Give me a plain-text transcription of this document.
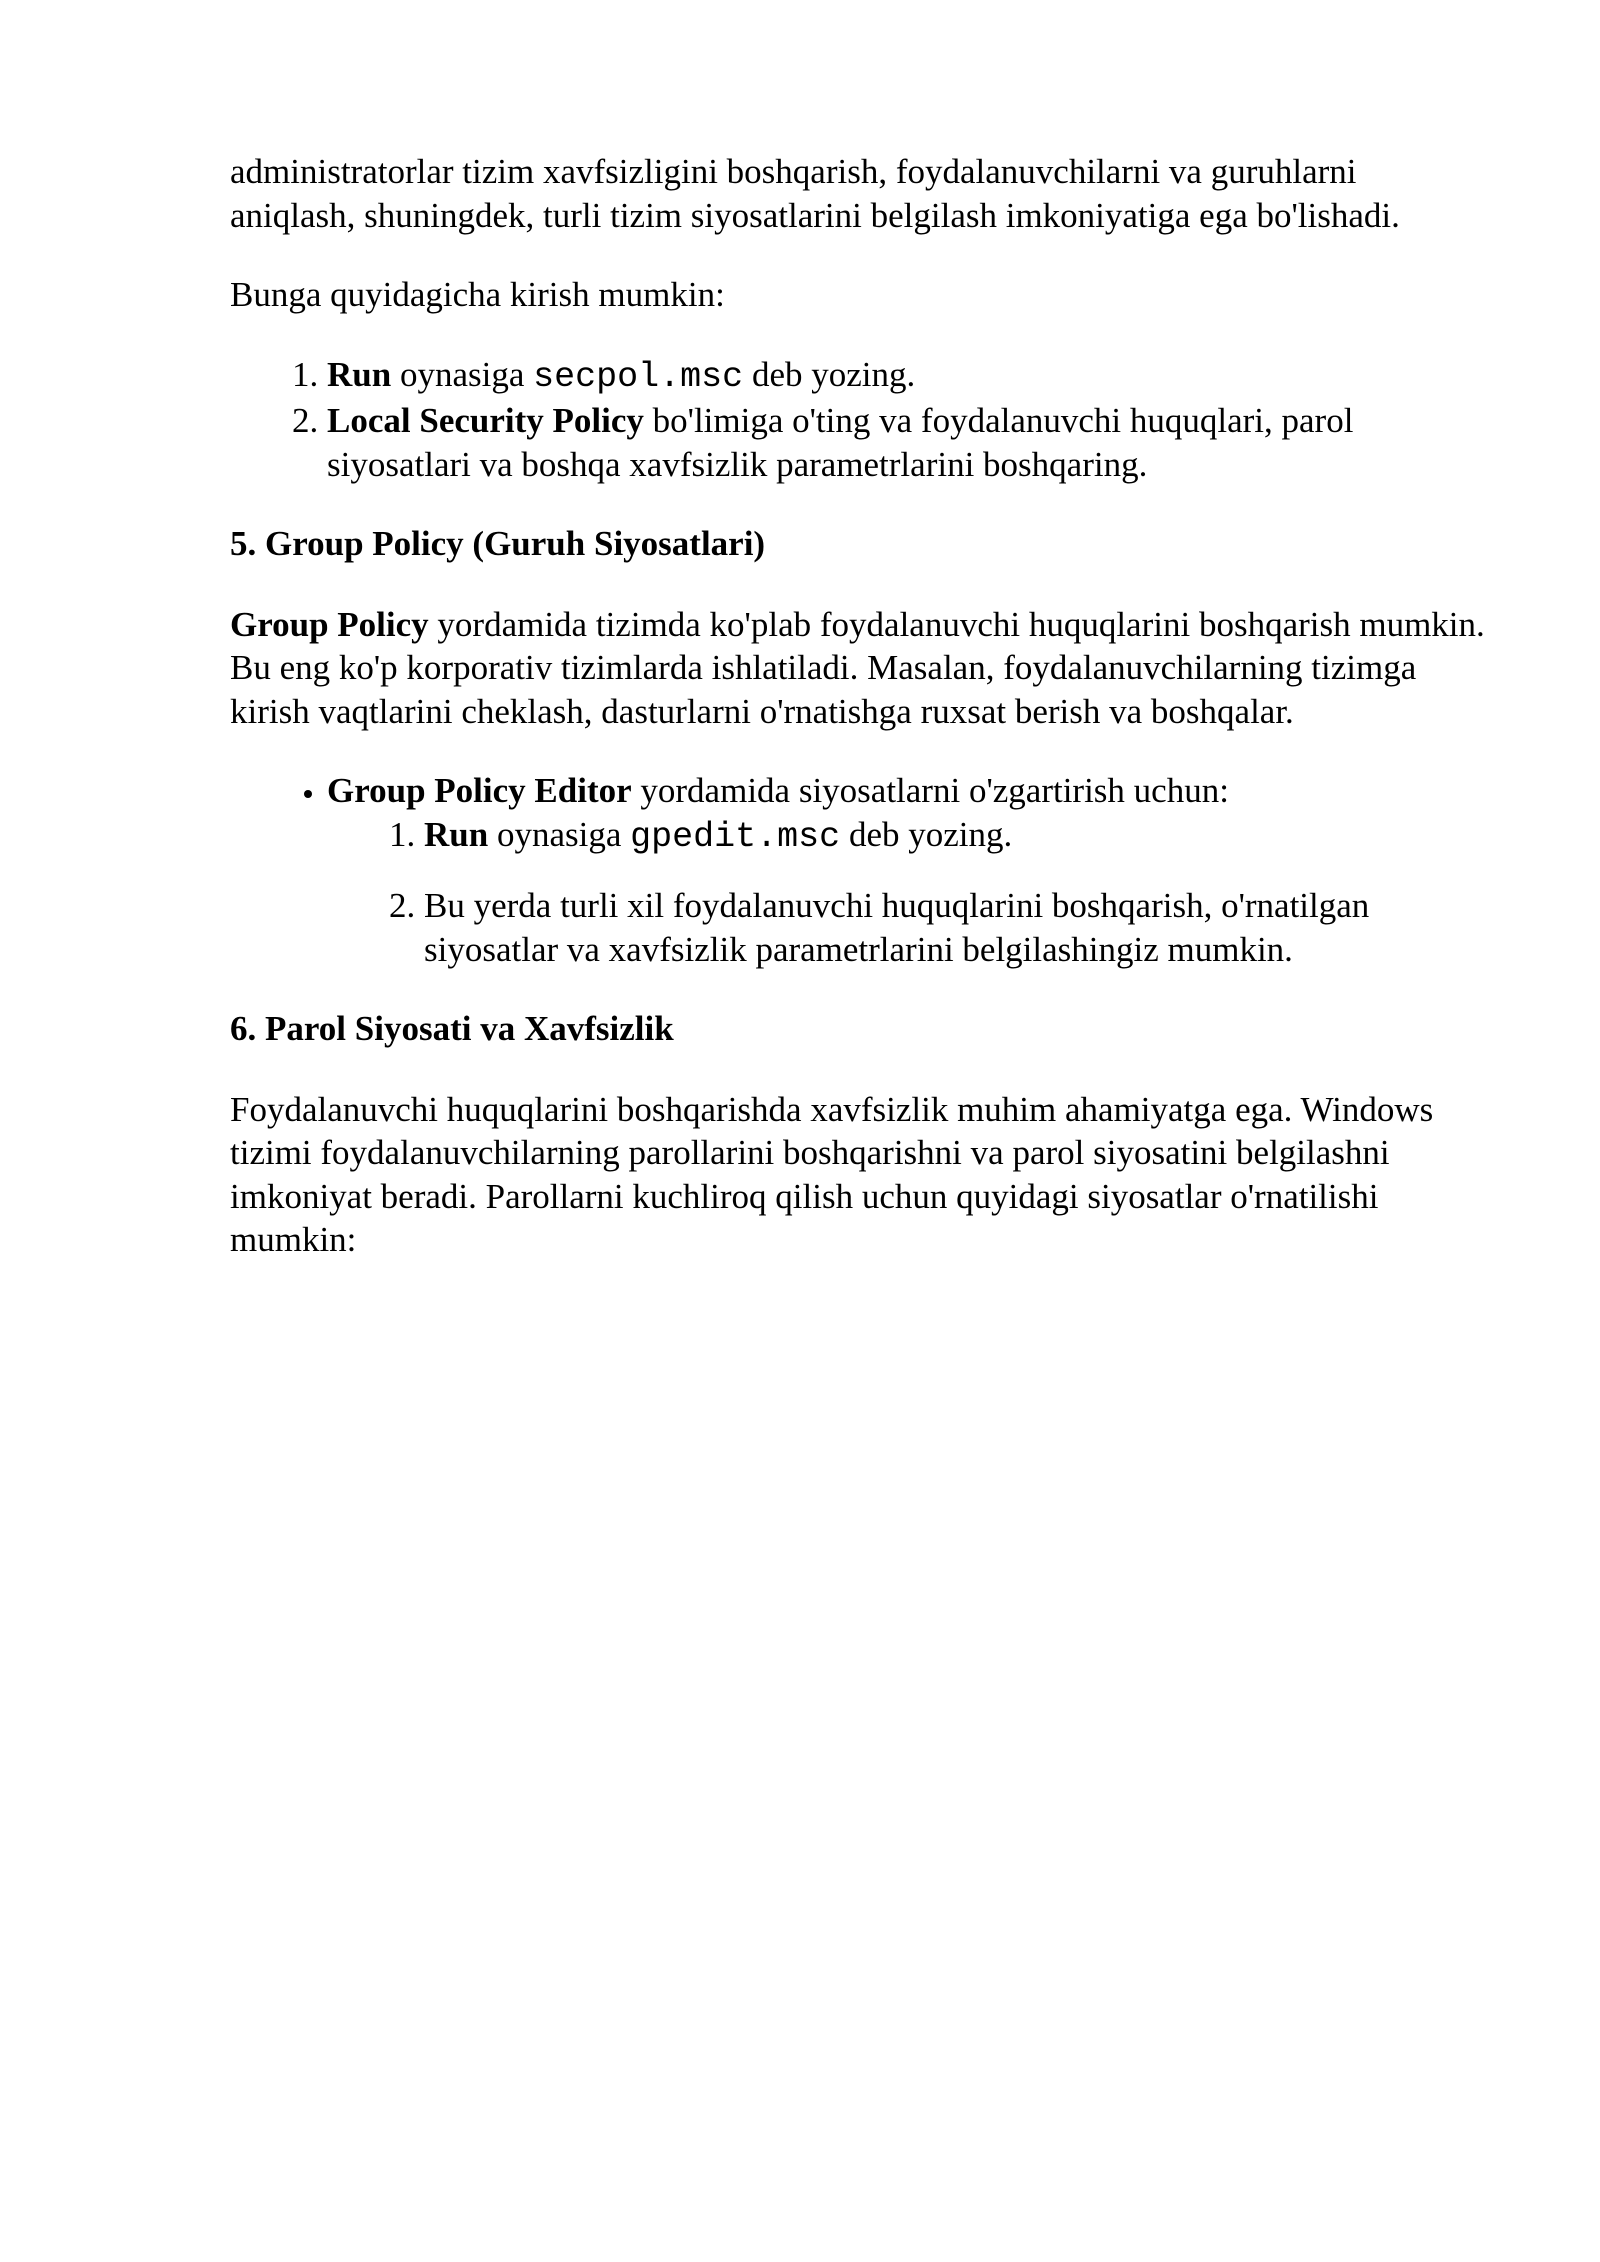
administratorlar tizim xavfsizligini boshqarish, foydalanuvchilarni va guruhlarni aniqlash, shuningdek, turli tizim siyosatlarini belgilash imkoniyatiga ega bo'lishadi.

Bunga quyidagicha kirish mumkin:

1. Run oynasiga secpol.msc deb yozing.
2. Local Security Policy bo'limiga o'ting va foydalanuvchi huquqlari, parol siyosatlari va boshqa xavfsizlik parametrlarini boshqaring.

5. Group Policy (Guruh Siyosatlari)

Group Policy yordamida tizimda ko'plab foydalanuvchi huquqlarini boshqarish mumkin. Bu eng ko'p korporativ tizimlarda ishlatiladi. Masalan, foydalanuvchilarning tizimga kirish vaqtlarini cheklash, dasturlarni o'rnatishga ruxsat berish va boshqalar.

• Group Policy Editor yordamida siyosatlarni o'zgartirish uchun:
1. Run oynasiga gpedit.msc deb yozing.
2. Bu yerda turli xil foydalanuvchi huquqlarini boshqarish, o'rnatilgan siyosatlar va xavfsizlik parametrlarini belgilashingiz mumkin.

6. Parol Siyosati va Xavfsizlik

Foydalanuvchi huquqlarini boshqarishda xavfsizlik muhim ahamiyatga ega. Windows tizimi foydalanuvchilarning parollarini boshqarishni va parol siyosatini belgilashni imkoniyat beradi. Parollarni kuchliroq qilish uchun quyidagi siyosatlar o'rnatilishi mumkin:
